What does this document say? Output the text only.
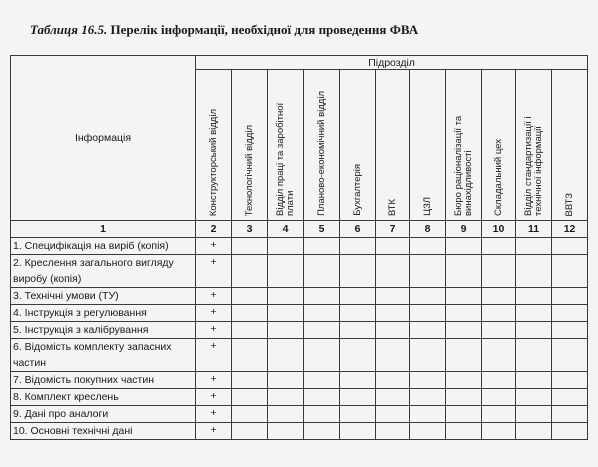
Таблиця 16.5. Перелік інформації, необхідної для проведення ФВА
Інформація	Підрозділ										

	Конструкторський відділ	Технологічний відділ	Відділ праці та заробітної плати	Планово-економічний відділ	Бухгалтерія	ВТК	ЦЗЛ	Бюро раціоналізації та винахідливості	Складальний цех	Відділ стандартизації і технічної інформації	ВВТЗ

1	2	3	4	5	6	7	8	9	10	11	12
1. Специфікація на виріб (копія)	+										
2. Креслення загального вигляду виробу (копія)	+										
3. Технічні умови (ТУ)	+										
4. Інструкція з регулювання	+										
5. Інструкція з калібрування	+										
6. Відомість комплекту запасних частин	+										
7. Відомість покупних частин	+										
8. Комплект креслень	+										
9. Дані про аналоги	+										
10. Основні технічні дані	+										
